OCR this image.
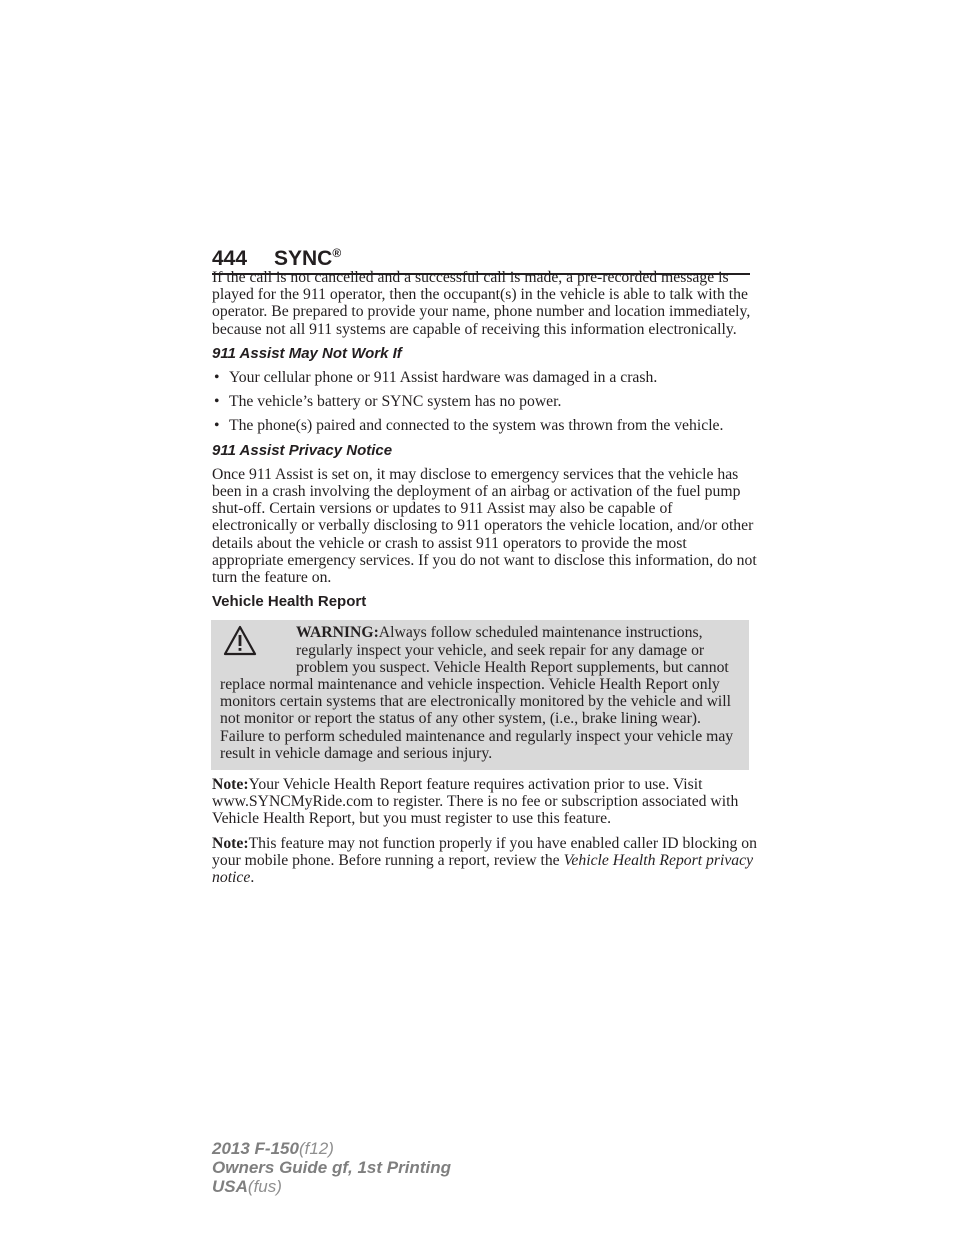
444 SYNC®

If the call is not cancelled and a successful call is made, a pre-recorded message is played for the 911 operator, then the occupant(s) in the vehicle is able to talk with the operator. Be prepared to provide your name, phone number and location immediately, because not all 911 systems are capable of receiving this information electronically.

911 Assist May Not Work If
• Your cellular phone or 911 Assist hardware was damaged in a crash.
• The vehicle’s battery or SYNC system has no power.
• The phone(s) paired and connected to the system was thrown from the vehicle.
911 Assist Privacy Notice

Once 911 Assist is set on, it may disclose to emergency services that the vehicle has been in a crash involving the deployment of an airbag or activation of the fuel pump shut-off. Certain versions or updates to 911 Assist may also be capable of electronically or verbally disclosing to 911 operators the vehicle location, and/or other details about the vehicle or crash to assist 911 operators to provide the most appropriate emergency services. If you do not want to disclose this information, do not turn the feature on.

Vehicle Health Report
WARNING:Always follow scheduled maintenance instructions, regularly inspect your vehicle, and seek repair for any damage or problem you suspect. Vehicle Health Report supplements, but cannot replace normal maintenance and vehicle inspection. Vehicle Health Report only monitors certain systems that are electronically monitored by the vehicle and will not monitor or report the status of any other system, (i.e., brake lining wear). Failure to perform scheduled maintenance and regularly inspect your vehicle may result in vehicle damage and serious injury.

Note:Your Vehicle Health Report feature requires activation prior to use. Visit www.SYNCMyRide.com to register. There is no fee or subscription associated with Vehicle Health Report, but you must register to use this feature.

Note:This feature may not function properly if you have enabled caller ID blocking on your mobile phone. Before running a report, review the Vehicle Health Report privacy notice.

2013 F-150(f12)
Owners Guide gf, 1st Printing
USA(fus)
